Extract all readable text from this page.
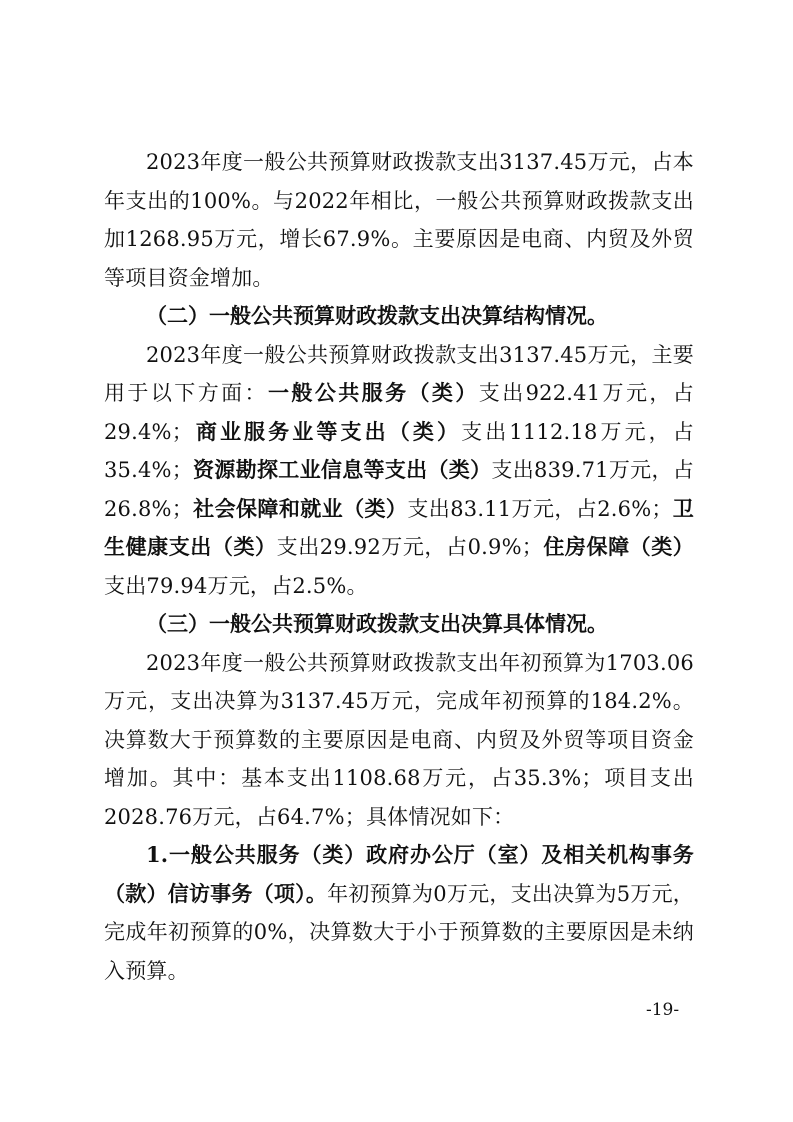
2023年度一般公共预算财政拨款支出3137.45万元，占本年支出的100%。与2022年相比，一般公共预算财政拨款支出加1268.95万元，增长67.9%。主要原因是电商、内贸及外贸等项目资金增加。

（二）一般公共预算财政拨款支出决算结构情况。

2023年度一般公共预算财政拨款支出3137.45万元，主要用于以下方面：一般公共服务（类）支出922.41万元，占29.4%；商业服务业等支出（类）支出1112.18万元，占35.4%；资源勘探工业信息等支出（类）支出839.71万元，占26.8%；社会保障和就业（类）支出83.11万元，占2.6%；卫生健康支出（类）支出29.92万元，占0.9%；住房保障（类）支出79.94万元，占2.5%。

（三）一般公共预算财政拨款支出决算具体情况。

2023年度一般公共预算财政拨款支出年初预算为1703.06万元，支出决算为3137.45万元，完成年初预算的184.2%。决算数大于预算数的主要原因是电商、内贸及外贸等项目资金增加。其中：基本支出1108.68万元，占35.3%；项目支出2028.76万元，占64.7%；具体情况如下：

1.一般公共服务（类）政府办公厅（室）及相关机构事务（款）信访事务（项）。年初预算为0万元，支出决算为5万元，完成年初预算的0%，决算数大于小于预算数的主要原因是未纳入预算。

-19-
